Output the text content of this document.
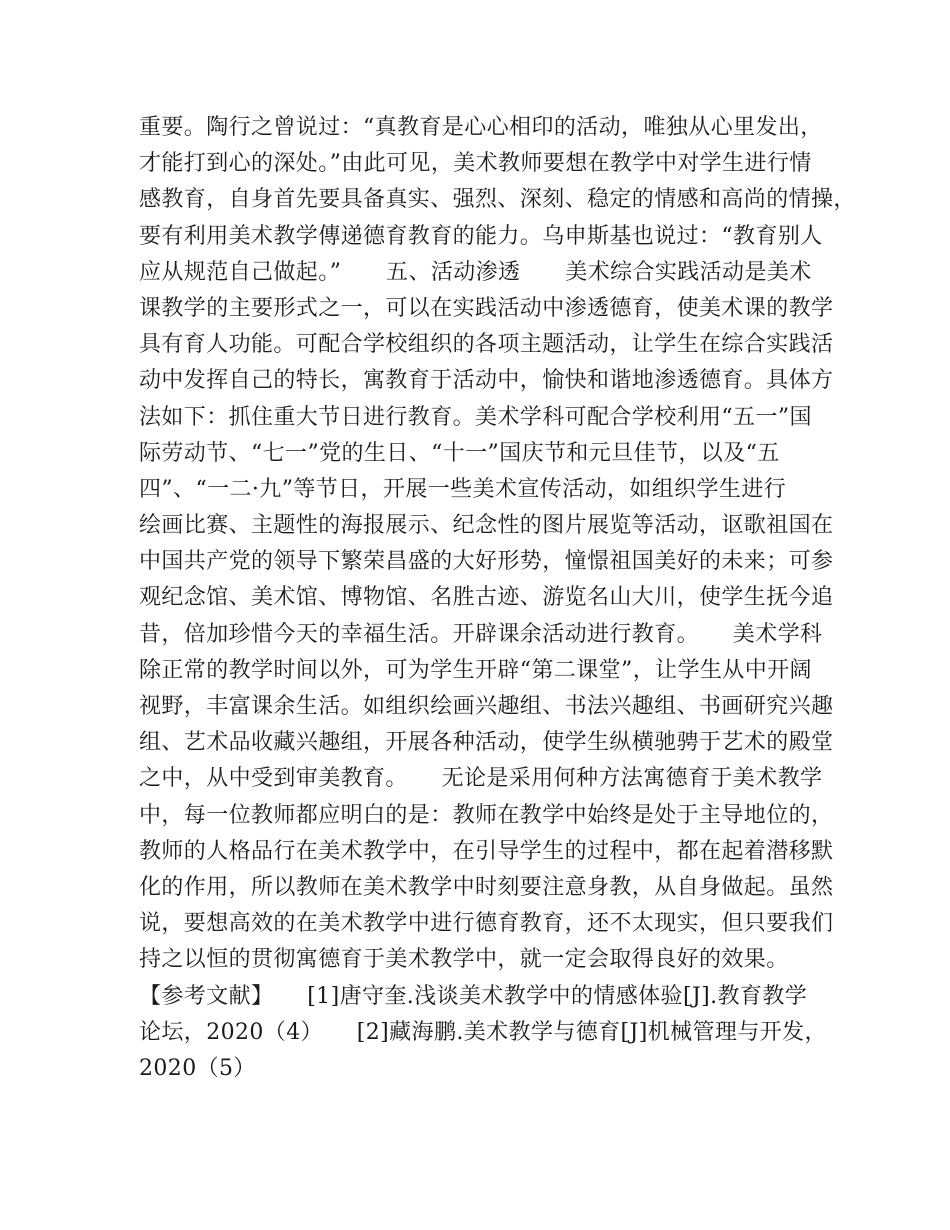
重要。陶行之曾说过：“真教育是心心相印的活动，唯独从心里发出，
才能打到心的深处。”由此可见，美术教师要想在教学中对学生进行情
感教育，自身首先要具备真实、强烈、深刻、稳定的情感和高尚的情操，
要有利用美术教学傳递德育教育的能力。乌申斯基也说过：“教育别人
应从规范自己做起。”　　五、活动渗透　　美术综合实践活动是美术
课教学的主要形式之一，可以在实践活动中渗透德育，使美术课的教学
具有育人功能。可配合学校组织的各项主题活动，让学生在综合实践活
动中发挥自己的特长，寓教育于活动中，愉快和谐地渗透德育。具体方
法如下：抓住重大节日进行教育。美术学科可配合学校利用“五一”国
际劳动节、“七一”党的生日、“十一”国庆节和元旦佳节，以及“五
四”、“一二·九”等节日，开展一些美术宣传活动，如组织学生进行
绘画比赛、主题性的海报展示、纪念性的图片展览等活动，讴歌祖国在
中国共产党的领导下繁荣昌盛的大好形势，憧憬祖国美好的未来；可参
观纪念馆、美术馆、博物馆、名胜古迹、游览名山大川，使学生抚今追
昔，倍加珍惜今天的幸福生活。开辟课余活动进行教育。　　美术学科
除正常的教学时间以外，可为学生开辟“第二课堂”，让学生从中开阔
视野，丰富课余生活。如组织绘画兴趣组、书法兴趣组、书画研究兴趣
组、艺术品收藏兴趣组，开展各种活动，使学生纵横驰骋于艺术的殿堂
之中，从中受到审美教育。　　无论是采用何种方法寓德育于美术教学
中，每一位教师都应明白的是：教师在教学中始终是处于主导地位的，
教师的人格品行在美术教学中，在引导学生的过程中，都在起着潜移默
化的作用，所以教师在美术教学中时刻要注意身教，从自身做起。虽然
说，要想高效的在美术教学中进行德育教育，还不太现实，但只要我们
持之以恒的贯彻寓德育于美术教学中，就一定会取得良好的效果。
【参考文献】　　[1]唐守奎.浅谈美术教学中的情感体验[J].教育教学
论坛，2020（4）　　[2]藏海鹏.美术教学与德育[J]机械管理与开发，
2020（5）
